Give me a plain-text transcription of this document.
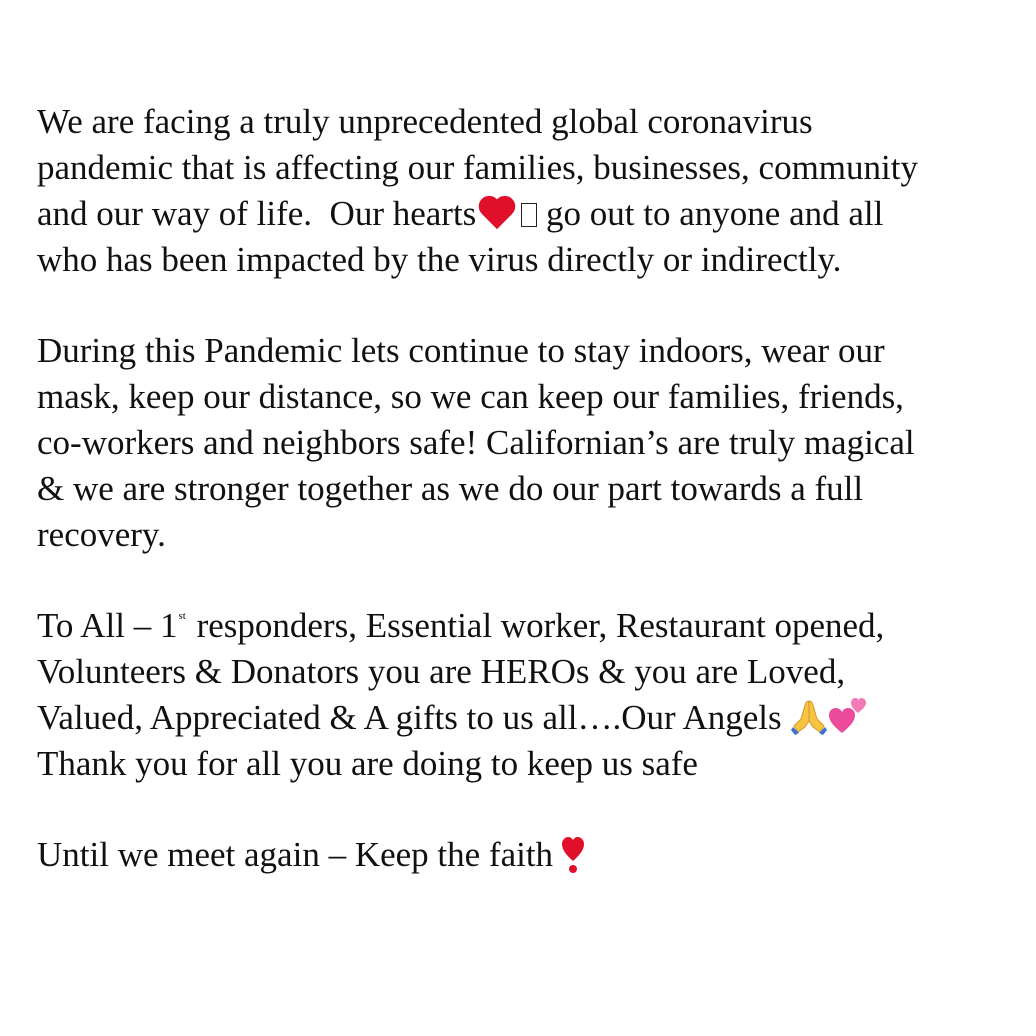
We are facing a truly unprecedented global coronavirus
pandemic that is affecting our families, businesses, community
and our way of life.  Our hearts go out to anyone and all
who has been impacted by the virus directly or indirectly.
During this Pandemic lets continue to stay indoors, wear our
mask, keep our distance, so we can keep our families, friends,
co-workers and neighbors safe! Californian’s are truly magical
& we are stronger together as we do our part towards a full
recovery.
To All – 1st responders, Essential worker, Restaurant opened,
Volunteers & Donators you are HEROs & you are Loved,
Valued, Appreciated & A gifts to us all….Our Angels
Thank you for all you are doing to keep us safe
Until we meet again – Keep the faith
